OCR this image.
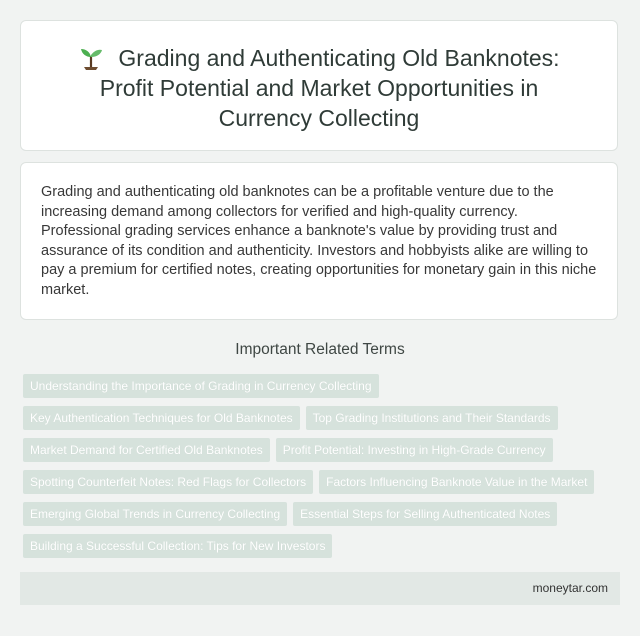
Grading and Authenticating Old Banknotes: Profit Potential and Market Opportunities in Currency Collecting

Grading and authenticating old banknotes can be a profitable venture due to the increasing demand among collectors for verified and high-quality currency. Professional grading services enhance a banknote's value by providing trust and assurance of its condition and authenticity. Investors and hobbyists alike are willing to pay a premium for certified notes, creating opportunities for monetary gain in this niche market.

Important Related Terms
Understanding the Importance of Grading in Currency Collecting
Key Authentication Techniques for Old Banknotes Top Grading Institutions and Their Standards
Market Demand for Certified Old Banknotes Profit Potential: Investing in High-Grade Currency
Spotting Counterfeit Notes: Red Flags for Collectors Factors Influencing Banknote Value in the Market
Emerging Global Trends in Currency Collecting Essential Steps for Selling Authenticated Notes
Building a Successful Collection: Tips for New Investors
moneytar.com
